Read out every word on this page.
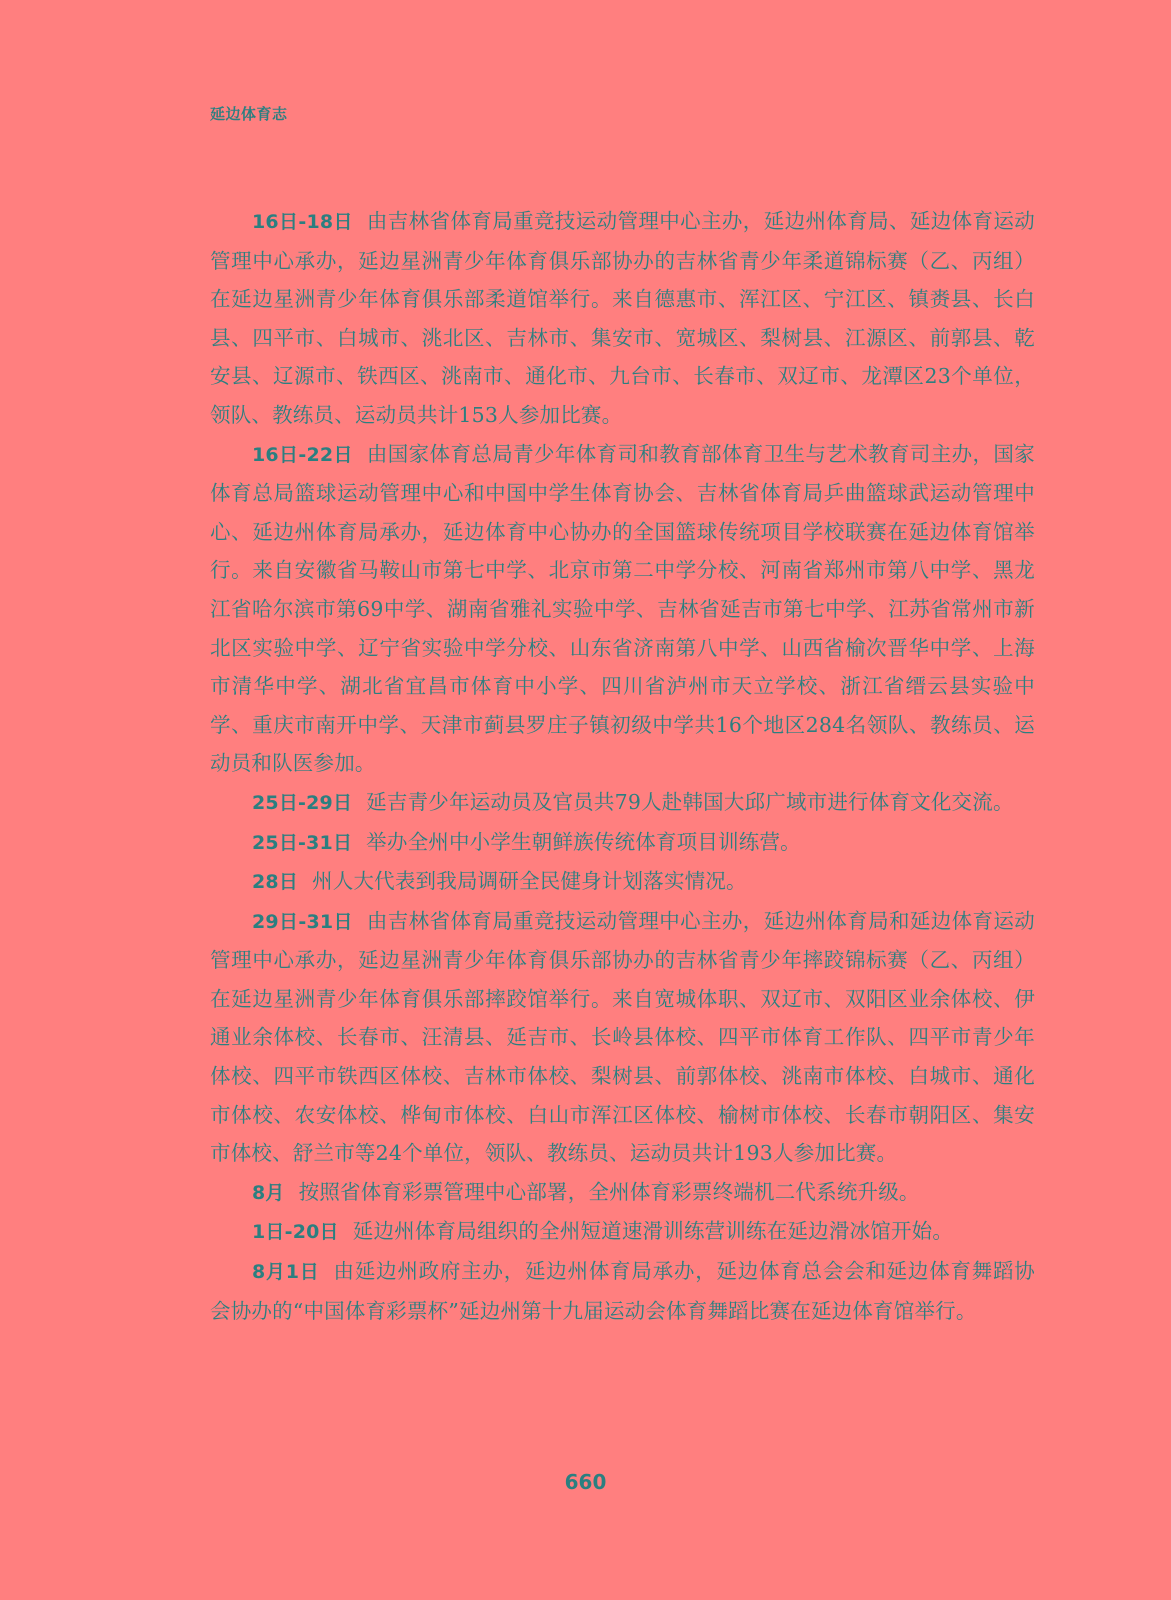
延边体育志

16日-18日 由吉林省体育局重竞技运动管理中心主办，延边州体育局、延边体育运动管理中心承办，延边星洲青少年体育俱乐部协办的吉林省青少年柔道锦标赛（乙、丙组）在延边星洲青少年体育俱乐部柔道馆举行。来自德惠市、浑江区、宁江区、镇赉县、长白县、四平市、白城市、洮北区、吉林市、集安市、宽城区、梨树县、江源区、前郭县、乾安县、辽源市、铁西区、洮南市、通化市、九台市、长春市、双辽市、龙潭区23个单位，领队、教练员、运动员共计153人参加比赛。

16日-22日 由国家体育总局青少年体育司和教育部体育卫生与艺术教育司主办，国家体育总局篮球运动管理中心和中国中学生体育协会、吉林省体育局乒曲篮球武运动管理中心、延边州体育局承办，延边体育中心协办的全国篮球传统项目学校联赛在延边体育馆举行。来自安徽省马鞍山市第七中学、北京市第二中学分校、河南省郑州市第八中学、黑龙江省哈尔滨市第69中学、湖南省雅礼实验中学、吉林省延吉市第七中学、江苏省常州市新北区实验中学、辽宁省实验中学分校、山东省济南第八中学、山西省榆次晋华中学、上海市清华中学、湖北省宜昌市体育中小学、四川省泸州市天立学校、浙江省缙云县实验中学、重庆市南开中学、天津市蓟县罗庄子镇初级中学共16个地区284名领队、教练员、运动员和队医参加。

25日-29日 延吉青少年运动员及官员共79人赴韩国大邱广域市进行体育文化交流。

25日-31日 举办全州中小学生朝鲜族传统体育项目训练营。

28日 州人大代表到我局调研全民健身计划落实情况。

29日-31日 由吉林省体育局重竞技运动管理中心主办，延边州体育局和延边体育运动管理中心承办，延边星洲青少年体育俱乐部协办的吉林省青少年摔跤锦标赛（乙、丙组）在延边星洲青少年体育俱乐部摔跤馆举行。来自宽城体职、双辽市、双阳区业余体校、伊通业余体校、长春市、汪清县、延吉市、长岭县体校、四平市体育工作队、四平市青少年体校、四平市铁西区体校、吉林市体校、梨树县、前郭体校、洮南市体校、白城市、通化市体校、农安体校、桦甸市体校、白山市浑江区体校、榆树市体校、长春市朝阳区、集安市体校、舒兰市等24个单位，领队、教练员、运动员共计193人参加比赛。

8月 按照省体育彩票管理中心部署，全州体育彩票终端机二代系统升级。

1日-20日 延边州体育局组织的全州短道速滑训练营训练在延边滑冰馆开始。

8月1日 由延边州政府主办，延边州体育局承办，延边体育总会会和延边体育舞蹈协会协办的“中国体育彩票杯”延边州第十九届运动会体育舞蹈比赛在延边体育馆举行。

660
